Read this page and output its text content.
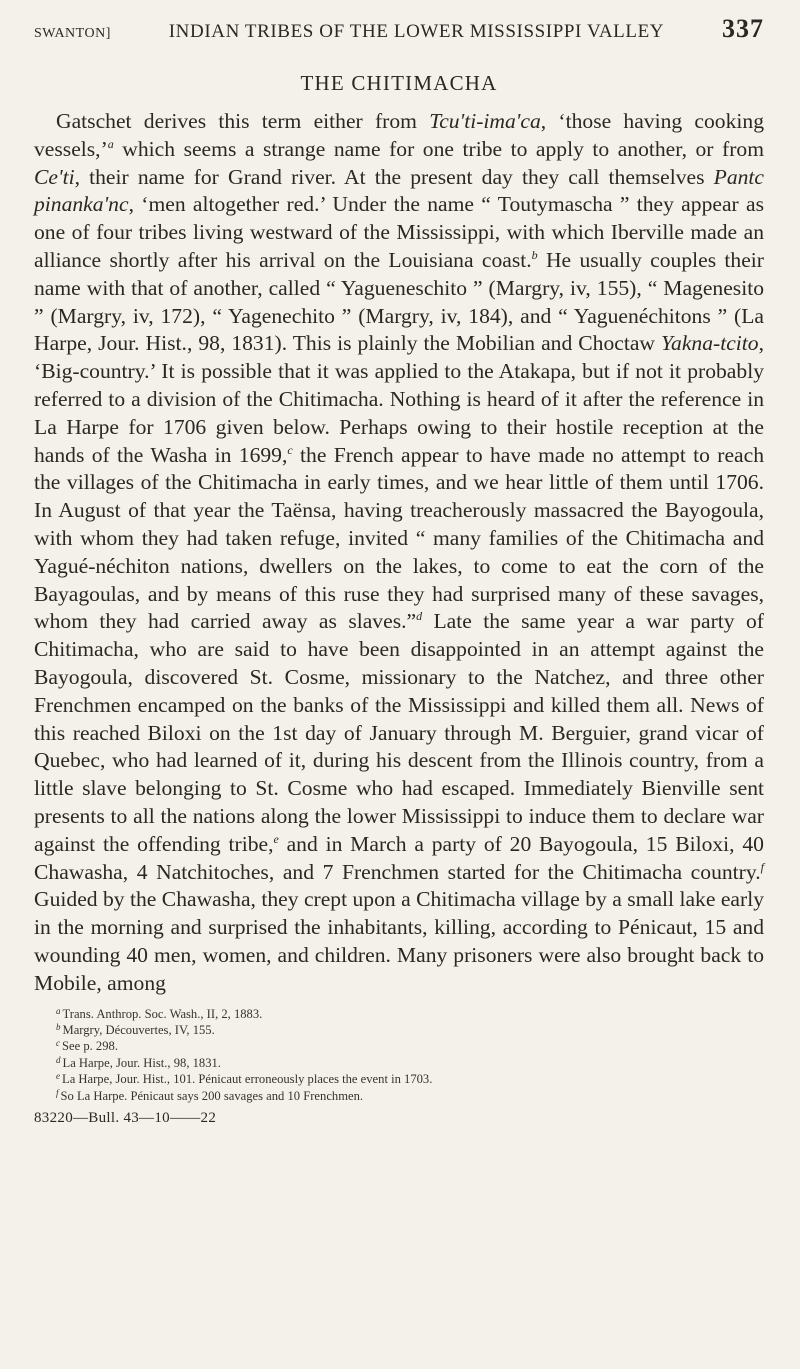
SWANTON]	INDIAN TRIBES OF THE LOWER MISSISSIPPI VALLEY	337
THE CHITIMACHA

Gatschet derives this term either from Tcu'ti-ima'ca, ‘those having cooking vessels,’$^a$ which seems a strange name for one tribe to apply to another, or from Ce'ti, their name for Grand river. At the present day they call themselves Pantc pinanka'nc, ‘men altogether red.’ Under the name “ Toutymascha ” they appear as one of four tribes living westward of the Mississippi, with which Iberville made an alliance shortly after his arrival on the Louisiana coast.$^b$ He usually couples their name with that of another, called “ Yagueneschito ” (Margry, iv, 155), “ Magenesito ” (Margry, iv, 172), “ Yagenechito ” (Margry, iv, 184), and “ Yaguenéchitons ” (La Harpe, Jour. Hist., 98, 1831). This is plainly the Mobilian and Choctaw Yakna-tcito, ‘Big-country.’ It is possible that it was applied to the Atakapa, but if not it probably referred to a division of the Chitimacha. Nothing is heard of it after the reference in La Harpe for 1706 given below. Perhaps owing to their hostile reception at the hands of the Washa in 1699,$^c$ the French appear to have made no attempt to reach the villages of the Chitimacha in early times, and we hear little of them until 1706. In August of that year the Taënsa, having treacherously massacred the Bayogoula, with whom they had taken refuge, invited “ many families of the Chitimacha and Yagué-néchiton nations, dwellers on the lakes, to come to eat the corn of the Bayagoulas, and by means of this ruse they had surprised many of these savages, whom they had carried away as slaves.”$^d$ Late the same year a war party of Chitimacha, who are said to have been disappointed in an attempt against the Bayogoula, discovered St. Cosme, missionary to the Natchez, and three other Frenchmen encamped on the banks of the Mississippi and killed them all. News of this reached Biloxi on the 1st day of January through M. Berguier, grand vicar of Quebec, who had learned of it, during his descent from the Illinois country, from a little slave belonging to St. Cosme who had escaped. Immediately Bienville sent presents to all the nations along the lower Mississippi to induce them to declare war against the offending tribe,$^e$ and in March a party of 20 Bayogoula, 15 Biloxi, 40 Chawasha, 4 Natchitoches, and 7 Frenchmen started for the Chitimacha country.$^f$ Guided by the Chawasha, they crept upon a Chitimacha village by a small lake early in the morning and surprised the inhabitants, killing, according to Pénicaut, 15 and wounding 40 men, women, and children. Many prisoners were also brought back to Mobile, among

$^a$ Trans. Anthrop. Soc. Wash., II, 2, 1883.
$^b$ Margry, Découvertes, IV, 155.
$^c$ See p. 298.
$^d$ La Harpe, Jour. Hist., 98, 1831.
$^e$ La Harpe, Jour. Hist., 101. Pénicaut erroneously places the event in 1703.
$^f$ So La Harpe. Pénicaut says 200 savages and 10 Frenchmen.
83220—Bull. 43—10——22
